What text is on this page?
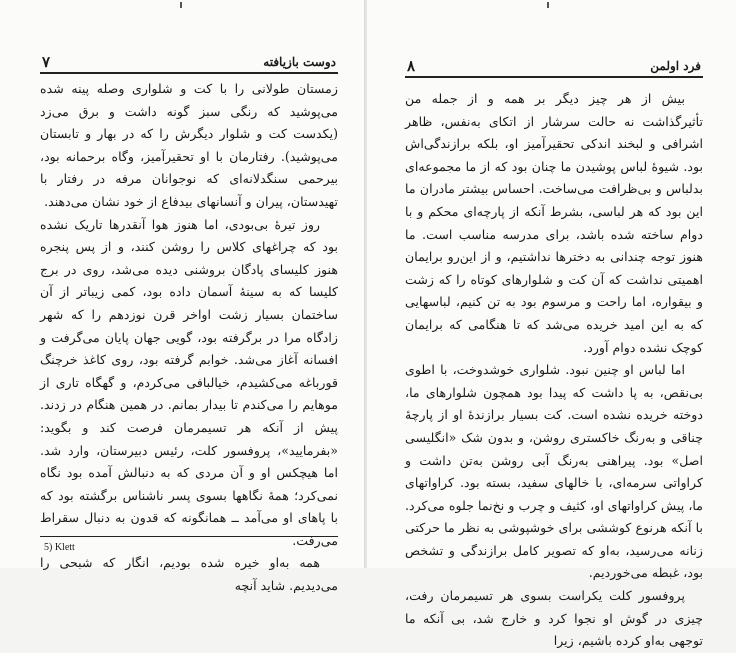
دوست بازيافته
۷

زمستان طولانی را با کت و شلواری وصله پینه شده می‌پوشید که رنگی سبز گونه داشت و برق می‌زد (یکدست کت و شلوار دیگرش را که در بهار و تابستان می‌پوشید). رفتارمان با او تحقیرآمیز، وگاه برحمانه بود، بیرحمی سنگدلانه‌ای که نوجوانان مرفه در رفتار با تهیدستان، پیران و آنسانهای بیدفاع از خود نشان می‌دهند.

روز تیرهٔ بی‌بودی، اما هنوز هوا آنقدرها تاریک نشده بود که چراغهای کلاس را روشن کنند، و از پس پنجره هنوز کلیسای پادگان بروشنی دیده می‌شد، روی در برج کلیسا که به سینهٔ آسمان داده بود، کمی زیباتر از آن ساختمان بسیار زشت اواخر قرن نوزدهم را که شهر زادگاه مرا در برگرفته بود، گویی جهان پایان می‌گرفت و افسانه آغاز می‌شد. خوابم گرفته بود، روی کاغذ خرچنگ قورباغه می‌کشیدم، خیالبافی می‌کردم، و گهگاه تاری از موهایم را می‌کندم تا بیدار بمانم. در همین هنگام در زدند. پیش از آنکه هر تسیمرمان فرصت کند و بگوید: «بفرمایید»، پروفسور کلت، رئیس دبیرستان، وارد شد. اما هیچکس او و آن مردی که به دنبالش آمده بود نگاه نمی‌کرد؛ همهٔ نگاهها بسوی پسر ناشناس برگشته بود که با پاهای او می‌آمد ــ همانگونه که قدون به دنبال سقراط می‌رفت.

همه به‌او خیره شده بودیم، انگار که شبحی را می‌دیدیم. شاید آنچه

5) Klett
فرد اولمن
۸

بیش از هر چیز دیگر بر همه و از جمله من تأثیرگذاشت نه حالت سرشار از اتکای به‌نفس، ظاهر اشرافی و لبخند اندکی تحقیرآمیز او، بلکه برازندگی‌اش بود. شیوهٔ لباس پوشیدن ما چنان بود که از ما مجموعه‌ای بدلباس و بی‌ظرافت می‌ساخت. احساس بیشتر مادران ما این بود که هر لباسی، بشرط آنکه از پارچه‌ای محکم و با دوام ساخته شده باشد، برای مدرسه مناسب است. ما هنوز توجه چندانی به دختر‌ها نداشتیم، و از این‌رو برایمان اهمیتی نداشت که آن کت و شلوارهای کوتاه را که زشت و بیقواره، اما راحت و مرسوم بود به تن کنیم، لباسهایی که به این امید خریده می‌شد که تا هنگامی که برایمان کوچک نشده دوام آورد.

اما لباس او چنین نبود. شلواری خوشدوخت، با اطوی بی‌نقص، به پا داشت که پیدا بود همچون شلوارهای ما، دوخته خریده نشده است. کت بسیار برازندهٔ او از پارچهٔ چناقی و به‌رنگ خاکستری روشن، و بدون شک «انگلیسی اصل» بود. پیراهنی به‌رنگ آبی روشن به‌تن داشت و کراواتی سرمه‌ای، با خالهای سفید، بسته بود. کراواتهای ما، پیش کراواتهای او، کثیف و چرب و نخ‌نما جلوه می‌کرد. با آنکه هرنوع کوششی برای خوشپوشی به نظر ما حرکتی زنانه می‌رسید، به‌او که تصویر کامل برازندگی و تشخص بود، غبطه می‌خوردیم.

پروفسور کلت یکراست بسوی هر تسیمرمان رفت، چیزی در گوش او نجوا کرد و خارج شد، بی آنکه ما توجهی به‌او کرده باشیم، زیرا
